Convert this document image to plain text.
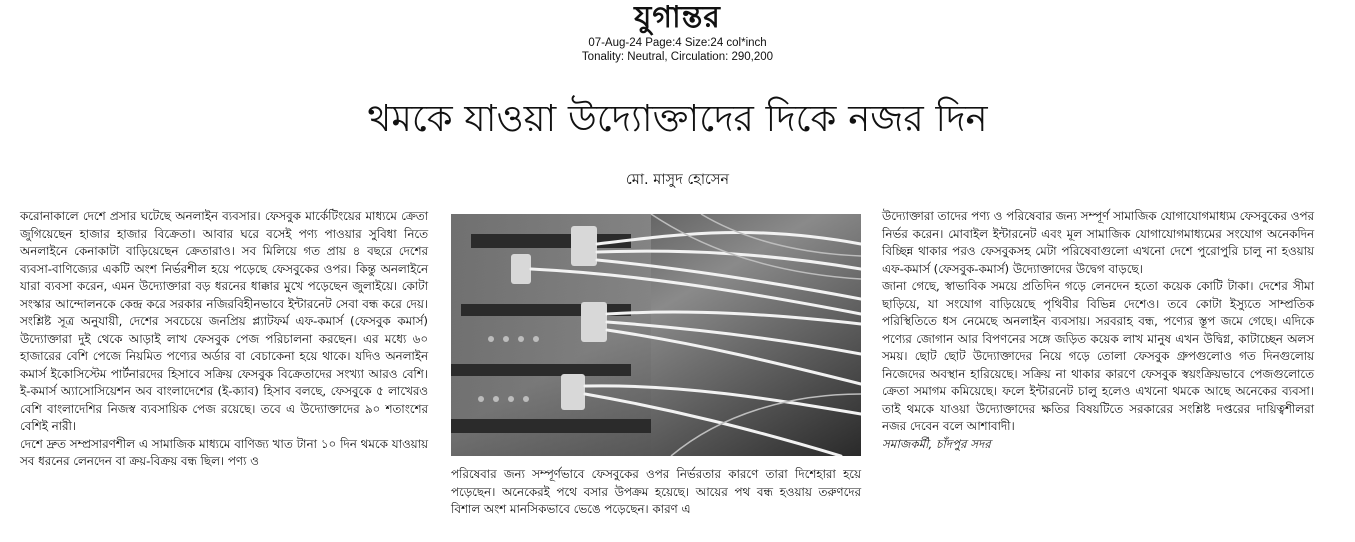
যুগান্তর
07-Aug-24 Page:4 Size:24 col*inch
Tonality: Neutral, Circulation: 290,200
থমকে যাওয়া উদ্যোক্তাদের দিকে নজর দিন
মো. মাসুদ হোসেন

করোনাকালে দেশে প্রসার ঘটেছে অনলাইন ব্যবসার। ফেসবুক মার্কেটিংয়ের মাধ্যমে ক্রেতা জুগিয়েছেন হাজার হাজার বিক্রেতা। আবার ঘরে বসেই পণ্য পাওয়ার সুবিধা নিতে অনলাইনে কেনাকাটা বাড়িয়েছেন ক্রেতারাও। সব মিলিয়ে গত প্রায় ৪ বছরে দেশের ব্যবসা-বাণিজ্যের একটি অংশ নির্ভরশীল হয়ে পড়েছে ফেসবুকের ওপর। কিন্তু অনলাইনে যারা ব্যবসা করেন, এমন উদ্যোক্তারা বড় ধরনের ধাক্কার মুখে পড়েছেন জুলাইয়ে। কোটা সংস্কার আন্দোলনকে কেন্দ্র করে সরকার নজিরবিহীনভাবে ইন্টারনেট সেবা বন্ধ করে দেয়। সংশ্লিষ্ট সূত্র অনুযায়ী, দেশের সবচেয়ে জনপ্রিয় প্ল্যাটফর্ম এফ-কমার্স (ফেসবুক কমার্স) উদ্যোক্তারা দুই থেকে আড়াই লাখ ফেসবুক পেজ পরিচালনা করছেন। এর মধ্যে ৬০ হাজারের বেশি পেজে নিয়মিত পণ্যের অর্ডার বা বেচাকেনা হয়ে থাকে। যদিও অনলাইন কমার্স ইকোসিস্টেম পার্টনারদের হিসাবে সক্রিয় ফেসবুক বিক্রেতাদের সংখ্যা আরও বেশি। ই-কমার্স অ্যাসোসিয়েশন অব বাংলাদেশের (ই-ক্যাব) হিসাব বলছে, ফেসবুকে ৫ লাখেরও বেশি বাংলাদেশির নিজস্ব ব্যবসায়িক পেজ রয়েছে। তবে এ উদ্যোক্তাদের ৯০ শতাংশের বেশিই নারী।

দেশে দ্রুত সম্প্রসারণশীল এ সামাজিক মাধ্যমে বাণিজ্য খাত টানা ১০ দিন থমকে যাওয়ায় সব ধরনের লেনদেন বা ক্রয়-বিক্রয় বন্ধ ছিল। পণ্য ও

পরিষেবার জন্য সম্পূর্ণভাবে ফেসবুকের ওপর নির্ভরতার কারণে তারা দিশেহারা হয়ে পড়েছেন। অনেকেরই পথে বসার উপক্রম হয়েছে। আয়ের পথ বন্ধ হওয়ায় তরুণদের বিশাল অংশ মানসিকভাবে ভেঙে পড়েছেন। কারণ এ

উদ্যোক্তারা তাদের পণ্য ও পরিষেবার জন্য সম্পূর্ণ সামাজিক যোগাযোগমাধ্যম ফেসবুকের ওপর নির্ভর করেন। মোবাইল ইন্টারনেট এবং মূল সামাজিক যোগাযোগমাধ্যমের সংযোগ অনেকদিন বিচ্ছিন্ন থাকার পরও ফেসবুকসহ মেটা পরিষেবাগুলো এখনো দেশে পুরোপুরি চালু না হওয়ায় এফ-কমার্স (ফেসবুক-কমার্স) উদ্যোক্তাদের উদ্বেগ বাড়ছে।

জানা গেছে, স্বাভাবিক সময়ে প্রতিদিন গড়ে লেনদেন হতো কয়েক কোটি টাকা। দেশের সীমা ছাড়িয়ে, যা সংযোগ বাড়িয়েছে পৃথিবীর বিভিন্ন দেশেও। তবে কোটা ইস্যুতে সাম্প্রতিক পরিস্থিতিতে ধস নেমেছে অনলাইন ব্যবসায়। সরবরাহ বন্ধ, পণ্যের স্তূপ জমে গেছে। এদিকে পণ্যের জোগান আর বিপণনের সঙ্গে জড়িত কয়েক লাখ মানুষ এখন উদ্বিগ্ন, কাটাচ্ছেন অলস সময়। ছোট ছোট উদ্যোক্তাদের নিয়ে গড়ে তোলা ফেসবুক গ্রুপগুলোও গত দিনগুলোয় নিজেদের অবস্থান হারিয়েছে। সক্রিয় না থাকার কারণে ফেসবুক স্বয়ংক্রিয়ভাবে পেজগুলোতে ক্রেতা সমাগম কমিয়েছে। ফলে ইন্টারনেট চালু হলেও এখনো থমকে আছে অনেকের ব্যবসা। তাই থমকে যাওয়া উদ্যোক্তাদের ক্ষতির বিষয়টিতে সরকারের সংশ্লিষ্ট দপ্তরের দায়িত্বশীলরা নজর দেবেন বলে আশাবাদী।

সমাজকর্মী, চাঁদপুর সদর
